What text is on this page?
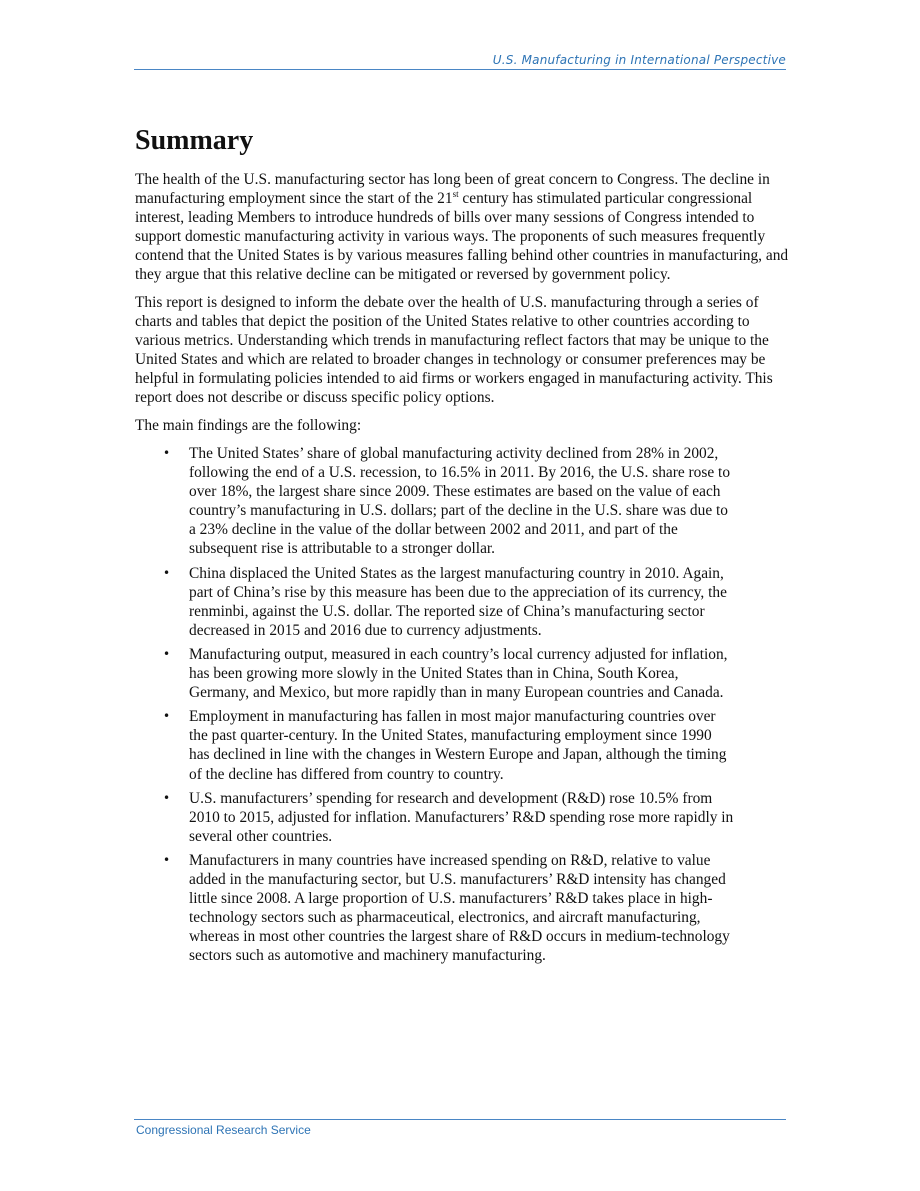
U.S. Manufacturing in International Perspective
Summary

The health of the U.S. manufacturing sector has long been of great concern to Congress. The decline in manufacturing employment since the start of the 21st century has stimulated particular congressional interest, leading Members to introduce hundreds of bills over many sessions of Congress intended to support domestic manufacturing activity in various ways. The proponents of such measures frequently contend that the United States is by various measures falling behind other countries in manufacturing, and they argue that this relative decline can be mitigated or reversed by government policy.

This report is designed to inform the debate over the health of U.S. manufacturing through a series of charts and tables that depict the position of the United States relative to other countries according to various metrics. Understanding which trends in manufacturing reflect factors that may be unique to the United States and which are related to broader changes in technology or consumer preferences may be helpful in formulating policies intended to aid firms or workers engaged in manufacturing activity. This report does not describe or discuss specific policy options.

The main findings are the following:

• The United States’ share of global manufacturing activity declined from 28% in 2002, following the end of a U.S. recession, to 16.5% in 2011. By 2016, the U.S. share rose to over 18%, the largest share since 2009. These estimates are based on the value of each country’s manufacturing in U.S. dollars; part of the decline in the U.S. share was due to a 23% decline in the value of the dollar between 2002 and 2011, and part of the subsequent rise is attributable to a stronger dollar.
• China displaced the United States as the largest manufacturing country in 2010. Again, part of China’s rise by this measure has been due to the appreciation of its currency, the renminbi, against the U.S. dollar. The reported size of China’s manufacturing sector decreased in 2015 and 2016 due to currency adjustments.
• Manufacturing output, measured in each country’s local currency adjusted for inflation, has been growing more slowly in the United States than in China, South Korea, Germany, and Mexico, but more rapidly than in many European countries and Canada.
• Employment in manufacturing has fallen in most major manufacturing countries over the past quarter-century. In the United States, manufacturing employment since 1990 has declined in line with the changes in Western Europe and Japan, although the timing of the decline has differed from country to country.
• U.S. manufacturers’ spending for research and development (R&D) rose 10.5% from 2010 to 2015, adjusted for inflation. Manufacturers’ R&D spending rose more rapidly in several other countries.
• Manufacturers in many countries have increased spending on R&D, relative to value added in the manufacturing sector, but U.S. manufacturers’ R&D intensity has changed little since 2008. A large proportion of U.S. manufacturers’ R&D takes place in high-technology sectors such as pharmaceutical, electronics, and aircraft manufacturing, whereas in most other countries the largest share of R&D occurs in medium-technology sectors such as automotive and machinery manufacturing.
Congressional Research Service
